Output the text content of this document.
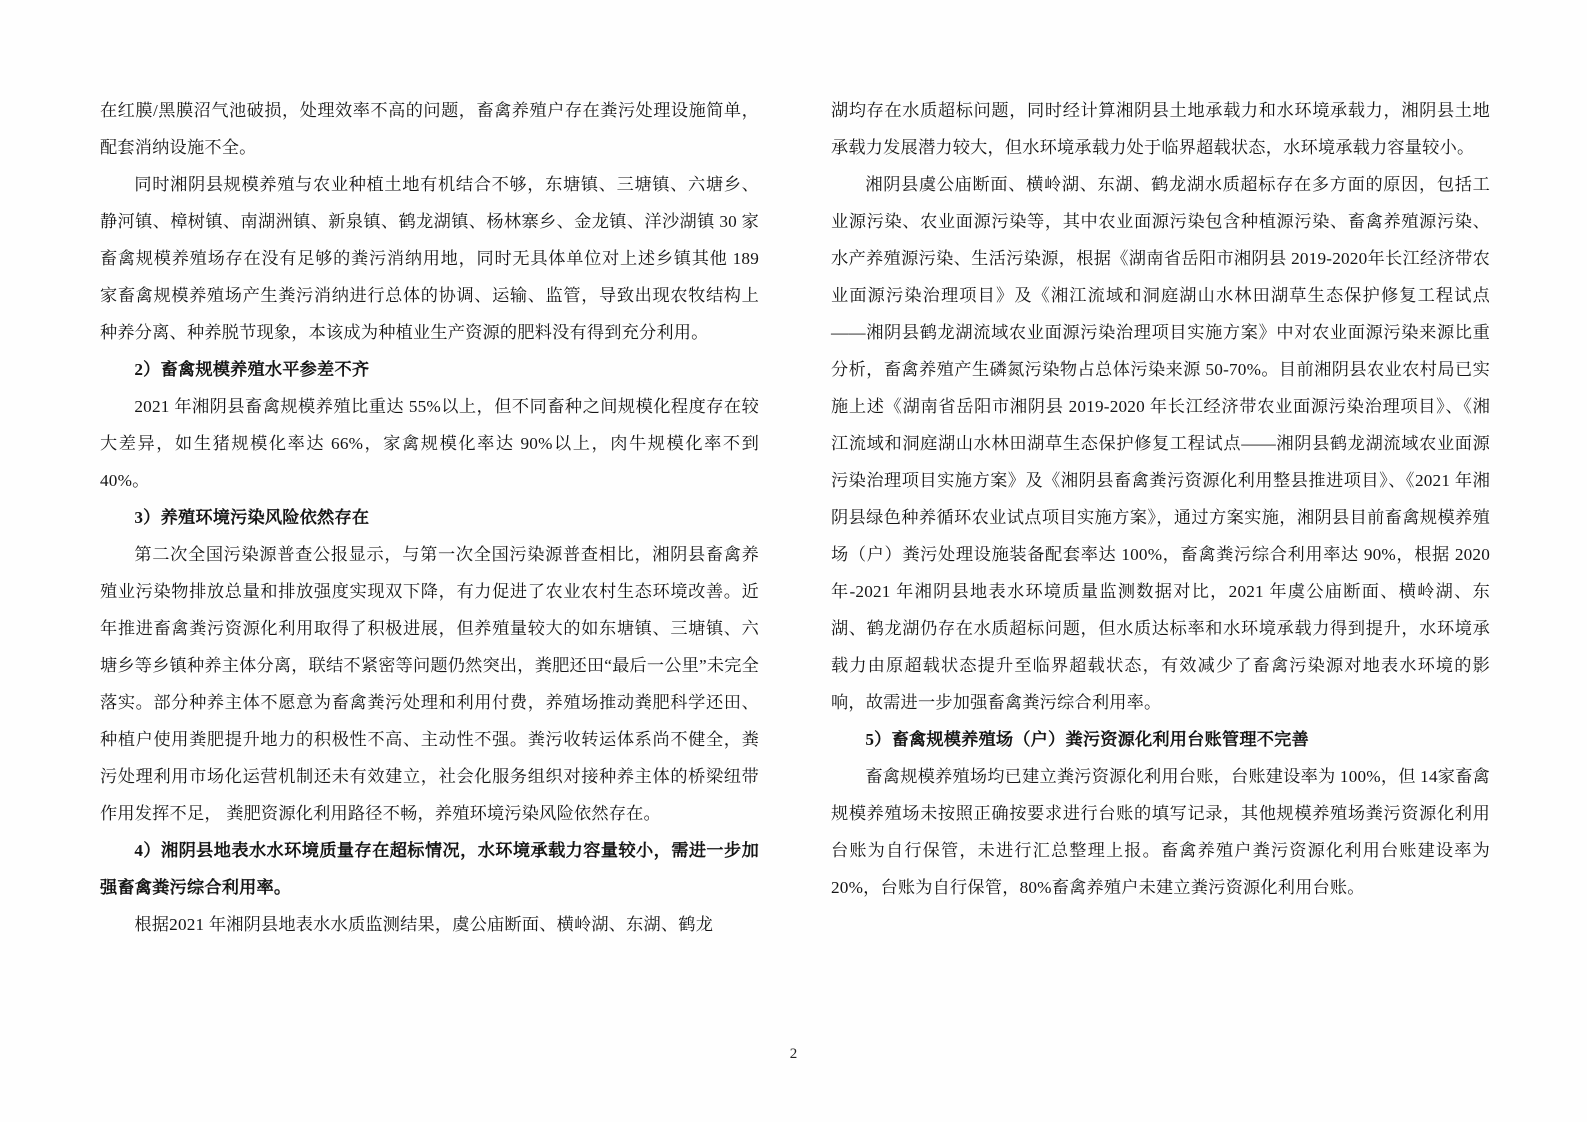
在红膜/黑膜沼气池破损，处理效率不高的问题，畜禽养殖户存在粪污处理设施简单，配套消纳设施不全。

同时湘阴县规模养殖与农业种植土地有机结合不够，东塘镇、三塘镇、六塘乡、静河镇、樟树镇、南湖洲镇、新泉镇、鹤龙湖镇、杨林寨乡、金龙镇、洋沙湖镇 30 家畜禽规模养殖场存在没有足够的粪污消纳用地，同时无具体单位对上述乡镇其他 189 家畜禽规模养殖场产生粪污消纳进行总体的协调、运输、监管，导致出现农牧结构上种养分离、种养脱节现象，本该成为种植业生产资源的肥料没有得到充分利用。

2）畜禽规模养殖水平参差不齐

2021 年湘阴县畜禽规模养殖比重达 55%以上，但不同畜种之间规模化程度存在较大差异，如生猪规模化率达 66%，家禽规模化率达 90%以上，肉牛规模化率不到 40%。

3）养殖环境污染风险依然存在

第二次全国污染源普查公报显示，与第一次全国污染源普查相比，湘阴县畜禽养殖业污染物排放总量和排放强度实现双下降，有力促进了农业农村生态环境改善。近年推进畜禽粪污资源化利用取得了积极进展，但养殖量较大的如东塘镇、三塘镇、六塘乡等乡镇种养主体分离，联结不紧密等问题仍然突出，粪肥还田“最后一公里”未完全落实。部分种养主体不愿意为畜禽粪污处理和利用付费，养殖场推动粪肥科学还田、种植户使用粪肥提升地力的积极性不高、主动性不强。粪污收转运体系尚不健全，粪污处理利用市场化运营机制还未有效建立，社会化服务组织对接种养主体的桥梁纽带作用发挥不足， 粪肥资源化利用路径不畅，养殖环境污染风险依然存在。

4）湘阴县地表水水环境质量存在超标情况，水环境承载力容量较小，需进一步加强畜禽粪污综合利用率。

根据2021 年湘阴县地表水水质监测结果，虞公庙断面、横岭湖、东湖、鹤龙

湖均存在水质超标问题，同时经计算湘阴县土地承载力和水环境承载力，湘阴县土地承载力发展潜力较大，但水环境承载力处于临界超载状态，水环境承载力容量较小。

湘阴县虞公庙断面、横岭湖、东湖、鹤龙湖水质超标存在多方面的原因，包括工业源污染、农业面源污染等，其中农业面源污染包含种植源污染、畜禽养殖源污染、水产养殖源污染、生活污染源，根据《湖南省岳阳市湘阴县 2019-2020年长江经济带农业面源污染治理项目》及《湘江流域和洞庭湖山水林田湖草生态保护修复工程试点——湘阴县鹤龙湖流域农业面源污染治理项目实施方案》中对农业面源污染来源比重分析，畜禽养殖产生磷氮污染物占总体污染来源 50-70%。目前湘阴县农业农村局已实施上述《湖南省岳阳市湘阴县 2019-2020 年长江经济带农业面源污染治理项目》、《湘江流域和洞庭湖山水林田湖草生态保护修复工程试点——湘阴县鹤龙湖流域农业面源污染治理项目实施方案》及《湘阴县畜禽粪污资源化利用整县推进项目》、《2021 年湘阴县绿色种养循环农业试点项目实施方案》，通过方案实施，湘阴县目前畜禽规模养殖场（户）粪污处理设施装备配套率达 100%，畜禽粪污综合利用率达 90%，根据 2020 年-2021 年湘阴县地表水环境质量监测数据对比，2021 年虞公庙断面、横岭湖、东湖、鹤龙湖仍存在水质超标问题，但水质达标率和水环境承载力得到提升，水环境承载力由原超载状态提升至临界超载状态，有效减少了畜禽污染源对地表水环境的影响，故需进一步加强畜禽粪污综合利用率。

5）畜禽规模养殖场（户）粪污资源化利用台账管理不完善

畜禽规模养殖场均已建立粪污资源化利用台账，台账建设率为 100%，但 14家畜禽规模养殖场未按照正确按要求进行台账的填写记录，其他规模养殖场粪污资源化利用台账为自行保管，未进行汇总整理上报。畜禽养殖户粪污资源化利用台账建设率为 20%，台账为自行保管，80%畜禽养殖户未建立粪污资源化利用台账。

2
